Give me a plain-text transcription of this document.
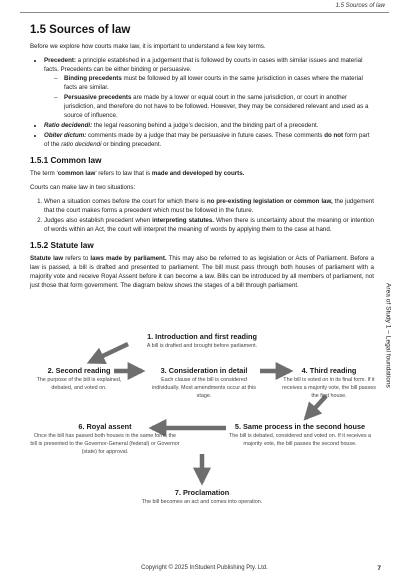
1.5 Sources of law
Area of Study 1 – Legal foundations
1.5 Sources of law

Before we explore how courts make law, it is important to understand a few key terms.

• Precedent: a principle established in a judgement that is followed by courts in cases with similar issues and material facts. Precedents can be either binding or persuasive.
– Binding precedents must be followed by all lower courts in the same jurisdiction in cases where the material facts are similar.
– Persuasive precedents are made by a lower or equal court in the same jurisdiction, or court in another jurisdiction, and therefore do not have to be followed. However, they may be considered relevant and used as a source of influence.
• Ratio decidendi: the legal reasoning behind a judge’s decision, and the binding part of a precedent.
• Obiter dictum: comments made by a judge that may be persuasive in future cases. These comments do not form part of the ratio decidendi or binding precedent.
1.5.1 Common law

The term ‘common law’ refers to law that is made and developed by courts.

Courts can make law in two situations:

1. When a situation comes before the court for which there is no pre-existing legislation or common law, the judgement that the court makes forms a precedent which must be followed in the future.
2. Judges also establish precedent when interpreting statutes. When there is uncertainty about the meaning or intention of words within an Act, the court will interpret the meaning of words by applying them to the case at hand.
1.5.2 Statute law

Statute law refers to laws made by parliament. This may also be referred to as legislation or Acts of Parliament. Before a law is passed, a bill is drafted and presented to parliament. The bill must pass through both houses of parliament with a majority vote and receive Royal Assent before it can become a law. Bills can be introduced by all members of parliament, not just those that form government. The diagram below shows the stages of a bill through parliament.

1. Introduction and first reading
A bill is drafted and brought before parliament.
2. Second reading
The purpose of the bill is explained, debated, and voted on.
3. Consideration in detail
Each clause of the bill is considered individually. Most amendments occur at this stage.
4. Third reading
The bill is voted on in its final form. If it receives a majority vote, the bill passes the first house.
6. Royal assent
Once the bill has passed both houses in the same form, the bill is presented to the Governor-General (federal) or Governor (state) for approval.
5. Same process in the second house
The bill is debated, considered and voted on. If it receives a majority vote, the bill passes the second house.
7. Proclamation
The bill becomes an act and comes into operation.
Copyright © 2025 InStudent Publishing Pty. Ltd.	7
